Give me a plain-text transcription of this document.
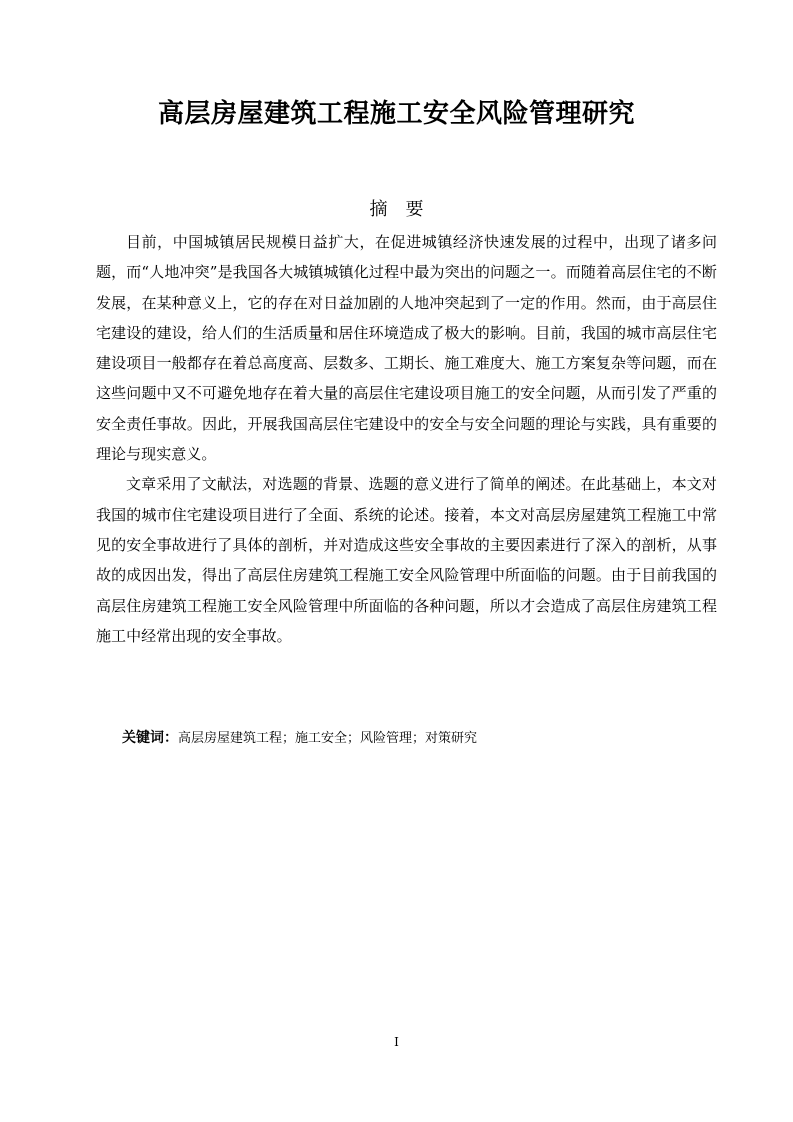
高层房屋建筑工程施工安全风险管理研究
摘　要

目前，中国城镇居民规模日益扩大，在促进城镇经济快速发展的过程中，出现了诸多问题，而“人地冲突”是我国各大城镇城镇化过程中最为突出的问题之一。而随着高层住宅的不断发展，在某种意义上，它的存在对日益加剧的人地冲突起到了一定的作用。然而，由于高层住宅建设的建设，给人们的生活质量和居住环境造成了极大的影响。目前，我国的城市高层住宅建设项目一般都存在着总高度高、层数多、工期长、施工难度大、施工方案复杂等问题，而在这些问题中又不可避免地存在着大量的高层住宅建设项目施工的安全问题，从而引发了严重的安全责任事故。因此，开展我国高层住宅建设中的安全与安全问题的理论与实践，具有重要的理论与现实意义。

文章采用了文献法，对选题的背景、选题的意义进行了简单的阐述。在此基础上，本文对我国的城市住宅建设项目进行了全面、系统的论述。接着，本文对高层房屋建筑工程施工中常见的安全事故进行了具体的剖析，并对造成这些安全事故的主要因素进行了深入的剖析，从事故的成因出发，得出了高层住房建筑工程施工安全风险管理中所面临的问题。由于目前我国的高层住房建筑工程施工安全风险管理中所面临的各种问题，所以才会造成了高层住房建筑工程施工中经常出现的安全事故。

关键词：高层房屋建筑工程；施工安全；风险管理；对策研究
I
